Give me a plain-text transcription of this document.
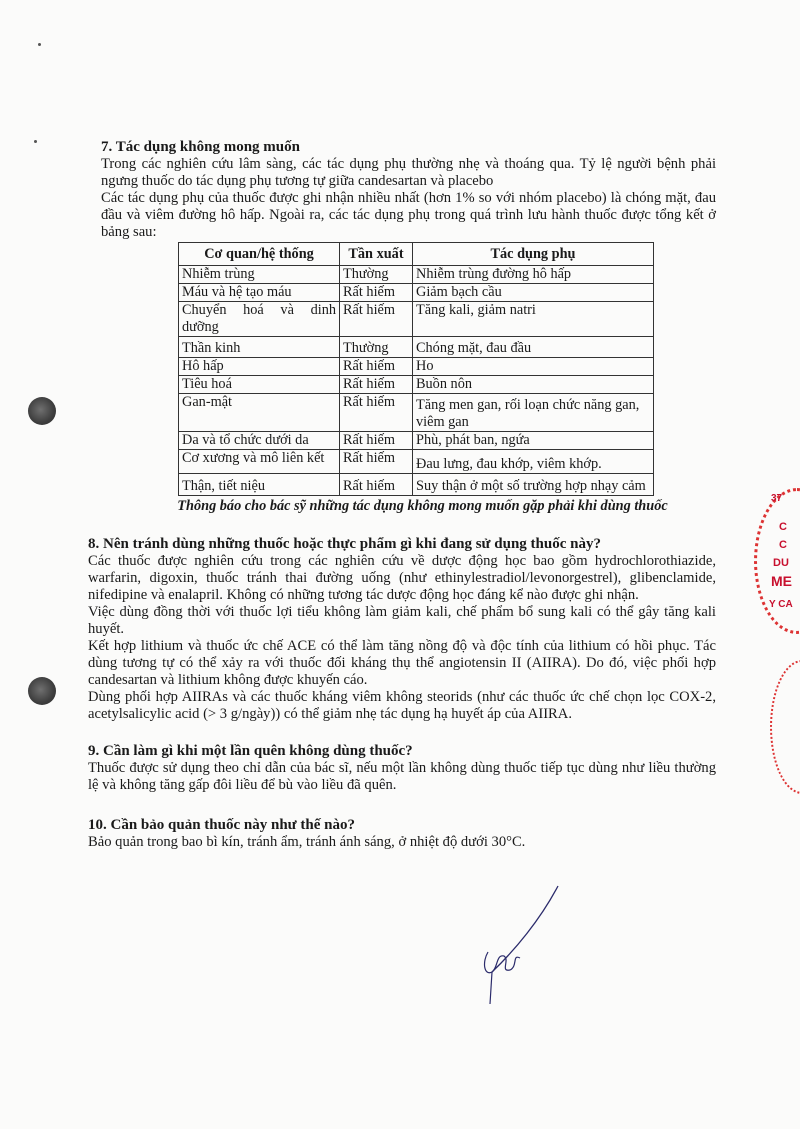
37
C
C
DU
ME
Y CA
7. Tác dụng không mong muốn

Trong các nghiên cứu lâm sàng, các tác dụng phụ thường nhẹ và thoáng qua. Tỷ lệ người bệnh phải ngưng thuốc do tác dụng phụ tương tự giữa candesartan và placebo

Các tác dụng phụ của thuốc được ghi nhận nhiều nhất (hơn 1% so với nhóm placebo) là chóng mặt, đau đầu và viêm đường hô hấp. Ngoài ra, các tác dụng phụ trong quá trình lưu hành thuốc được tổng kết ở bảng sau:

Cơ quan/hệ thống	Tần xuất	Tác dụng phụ
Nhiễm trùng	Thường	Nhiễm trùng đường hô hấp
Máu và hệ tạo máu	Rất hiếm	Giảm bạch cầu
Chuyển hoá và dinh dưỡng	Rất hiếm	Tăng kali, giảm natri
Thần kinh	Thường	Chóng mặt, đau đầu
Hô hấp	Rất hiếm	Ho
Tiêu hoá	Rất hiếm	Buồn nôn
Gan-mật	Rất hiếm	Tăng men gan, rối loạn chức năng gan, viêm gan
Da và tổ chức dưới da	Rất hiếm	Phù, phát ban, ngứa
Cơ xương và mô liên kết	Rất hiếm	Đau lưng, đau khớp, viêm khớp.
Thận, tiết niệu	Rất hiếm	Suy thận ở một số trường hợp nhạy cảm

Thông báo cho bác sỹ những tác dụng không mong muốn gặp phải khi dùng thuốc

8. Nên tránh dùng những thuốc hoặc thực phẩm gì khi đang sử dụng thuốc này?

Các thuốc được nghiên cứu trong các nghiên cứu về dược động học bao gồm hydrochlorothiazide, warfarin, digoxin, thuốc tránh thai đường uống (như ethinylestradiol/levonorgestrel), glibenclamide, nifedipine và enalapril. Không có những tương tác dược động học đáng kể nào được ghi nhận.

Việc dùng đồng thời với thuốc lợi tiểu không làm giảm kali, chế phẩm bổ sung kali có thể gây tăng kali huyết.

Kết hợp lithium và thuốc ức chế ACE có thể làm tăng nồng độ và độc tính của lithium có hồi phục. Tác dùng tương tự có thể xảy ra với thuốc đối kháng thụ thể angiotensin II (AIIRA). Do đó, việc phối hợp candesartan và lithium không được khuyến cáo.

Dùng phối hợp AIIRAs và các thuốc kháng viêm không steorids (như các thuốc ức chế chọn lọc COX-2, acetylsalicylic acid (> 3 g/ngày)) có thể giảm nhẹ tác dụng hạ huyết áp của AIIRA.

9. Cần làm gì khi một lần quên không dùng thuốc?

Thuốc được sử dụng theo chỉ dẫn của bác sĩ, nếu một lần không dùng thuốc tiếp tục dùng như liều thường lệ và không tăng gấp đôi liều để bù vào liều đã quên.

10. Cần bảo quản thuốc này như thế nào?

Bảo quản trong bao bì kín, tránh ẩm, tránh ánh sáng, ở nhiệt độ dưới 30°C.
